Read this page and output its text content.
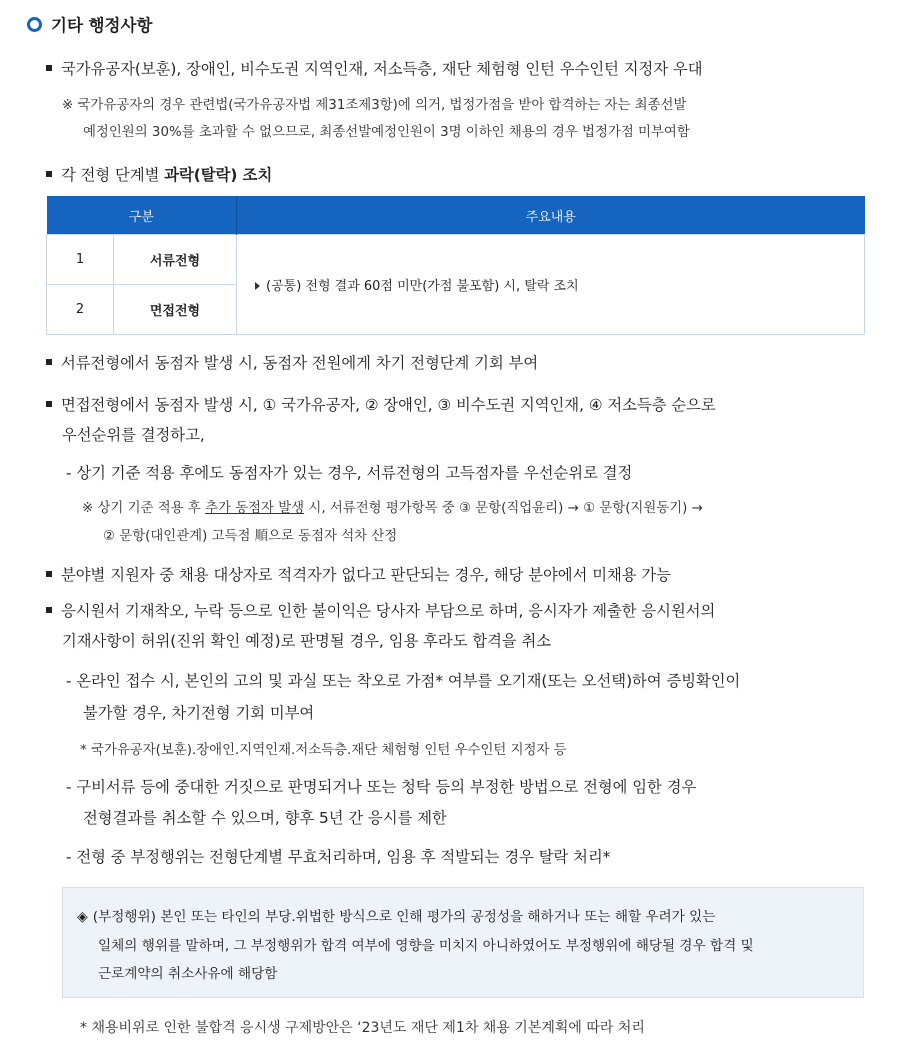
기타 행정사항
국가유공자(보훈), 장애인, 비수도권 지역인재, 저소득층, 재단 체험형 인턴 우수인턴 지정자 우대
※ 국가유공자의 경우 관련법(국가유공자법 제31조제3항)에 의거, 법정가점을 받아 합격하는 자는 최종선발
예정인원의 30%를 초과할 수 없으므로, 최종선발예정인원이 3명 이하인 채용의 경우 법정가점 미부여함
각 전형 단계별 과락(탈락) 조치
구분		주요내용
1	서류전형	(공통) 전형 결과 60점 미만(가점 불포함) 시, 탈락 조치
2	면접전형	
서류전형에서 동점자 발생 시, 동점자 전원에게 차기 전형단계 기회 부여
면접전형에서 동점자 발생 시, ① 국가유공자, ② 장애인, ③ 비수도권 지역인재, ④ 저소득층 순으로
우선순위를 결정하고,
- 상기 기준 적용 후에도 동점자가 있는 경우, 서류전형의 고득점자를 우선순위로 결정
※ 상기 기준 적용 후 추가 동점자 발생 시, 서류전형 평가항목 중 ③ 문항(직업윤리) → ① 문항(지원동기) →
② 문항(대인관계) 고득점 順으로 동점자 석차 산정
분야별 지원자 중 채용 대상자로 적격자가 없다고 판단되는 경우, 해당 분야에서 미채용 가능
응시원서 기재착오, 누락 등으로 인한 불이익은 당사자 부담으로 하며, 응시자가 제출한 응시원서의
기재사항이 허위(진위 확인 예정)로 판명될 경우, 임용 후라도 합격을 취소
- 온라인 접수 시, 본인의 고의 및 과실 또는 착오로 가점* 여부를 오기재(또는 오선택)하여 증빙확인이
불가할 경우, 차기전형 기회 미부여
* 국가유공자(보훈).장애인.지역인재.저소득층.재단 체험형 인턴 우수인턴 지정자 등
- 구비서류 등에 중대한 거짓으로 판명되거나 또는 청탁 등의 부정한 방법으로 전형에 임한 경우
전형결과를 취소할 수 있으며, 향후 5년 간 응시를 제한
- 전형 중 부정행위는 전형단계별 무효처리하며, 임용 후 적발되는 경우 탈락 처리*
◈ (부정행위) 본인 또는 타인의 부당.위법한 방식으로 인해 평가의 공정성을 해하거나 또는 해할 우려가 있는
일체의 행위를 말하며, 그 부정행위가 합격 여부에 영향을 미치지 아니하였어도 부정행위에 해당될 경우 합격 및
근로계약의 취소사유에 해당함
* 채용비위로 인한 불합격 응시생 구제방안은 ‘23년도 재단 제1차 채용 기본계획에 따라 처리
